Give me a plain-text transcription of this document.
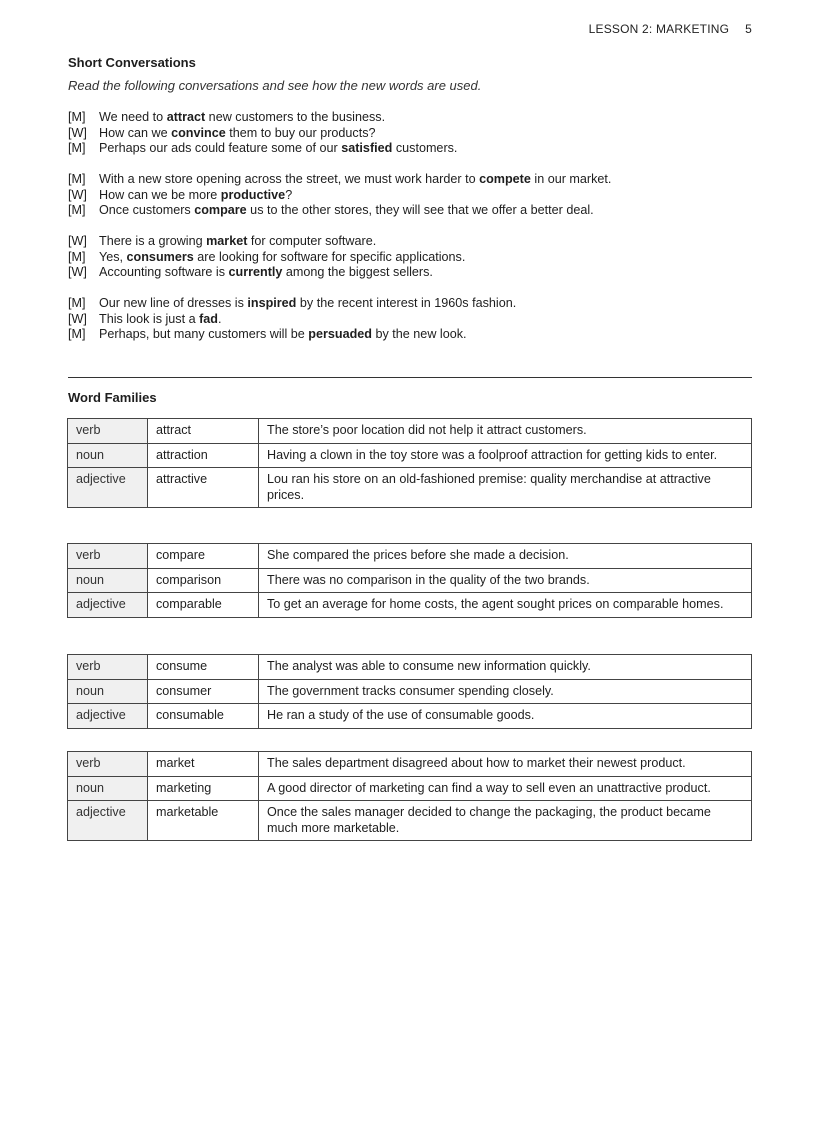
LESSON 2: MARKETING 5
Short Conversations
Read the following conversations and see how the new words are used.
[M] We need to attract new customers to the business.
[W] How can we convince them to buy our products?
[M] Perhaps our ads could feature some of our satisfied customers.
[M] With a new store opening across the street, we must work harder to compete in our market.
[W] How can we be more productive?
[M] Once customers compare us to the other stores, they will see that we offer a better deal.
[W] There is a growing market for computer software.
[M] Yes, consumers are looking for software for specific applications.
[W] Accounting software is currently among the biggest sellers.
[M] Our new line of dresses is inspired by the recent interest in 1960s fashion.
[W] This look is just a fad.
[M] Perhaps, but many customers will be persuaded by the new look.
Word Families
verb	attract	The store’s poor location did not help it attract customers.
noun	attraction	Having a clown in the toy store was a foolproof attraction for getting kids to enter.
adjective	attractive	Lou ran his store on an old-fashioned premise: quality merchandise at attractive prices.
verb	compare	She compared the prices before she made a decision.
noun	comparison	There was no comparison in the quality of the two brands.
adjective	comparable	To get an average for home costs, the agent sought prices on comparable homes.
verb	consume	The analyst was able to consume new information quickly.
noun	consumer	The government tracks consumer spending closely.
adjective	consumable	He ran a study of the use of consumable goods.
verb	market	The sales department disagreed about how to market their newest product.
noun	marketing	A good director of marketing can find a way to sell even an unattractive product.
adjective	marketable	Once the sales manager decided to change the packaging, the product became much more marketable.
